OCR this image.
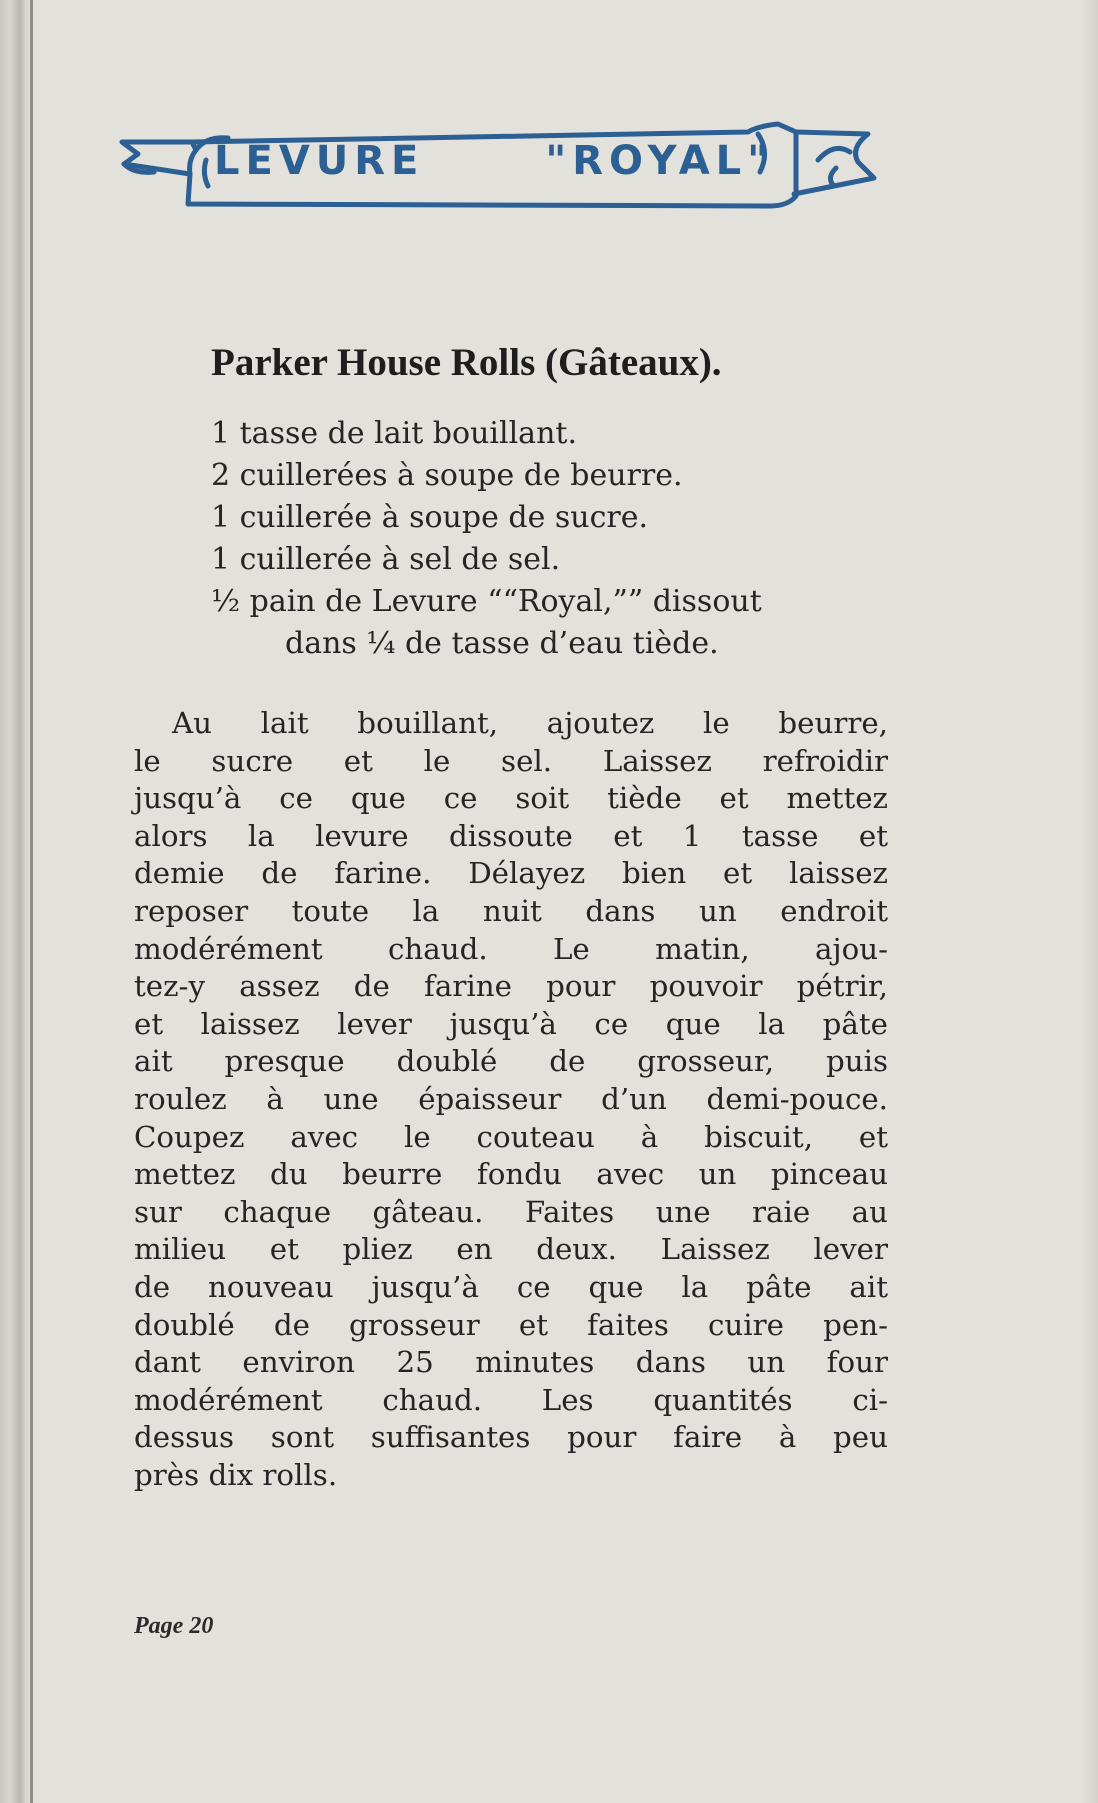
LEVURE	"ROYAL"
Parker House Rolls (Gâteaux).
1 tasse de lait bouillant.
2 cuillerées à soupe de beurre.
1 cuillerée à soupe de sucre.
1 cuillerée à sel de sel.
½ pain de Levure ““Royal,”” dissout
dans ¼ de tasse d’eau tiède.
Au lait bouillant, ajoutez le beurre,
le sucre et le sel. Laissez refroidir
jusqu’à ce que ce soit tiède et mettez
alors la levure dissoute et 1 tasse et
demie de farine. Délayez bien et laissez
reposer toute la nuit dans un endroit
modérément chaud. Le matin, ajou-
tez-y assez de farine pour pouvoir pétrir,
et laissez lever jusqu’à ce que la pâte
ait presque doublé de grosseur, puis
roulez à une épaisseur d’un demi-pouce.
Coupez avec le couteau à biscuit, et
mettez du beurre fondu avec un pinceau
sur chaque gâteau. Faites une raie au
milieu et pliez en deux. Laissez lever
de nouveau jusqu’à ce que la pâte ait
doublé de grosseur et faites cuire pen-
dant environ 25 minutes dans un four
modérément chaud. Les quantités ci-
dessus sont suffisantes pour faire à peu
près dix rolls.
Page 20
